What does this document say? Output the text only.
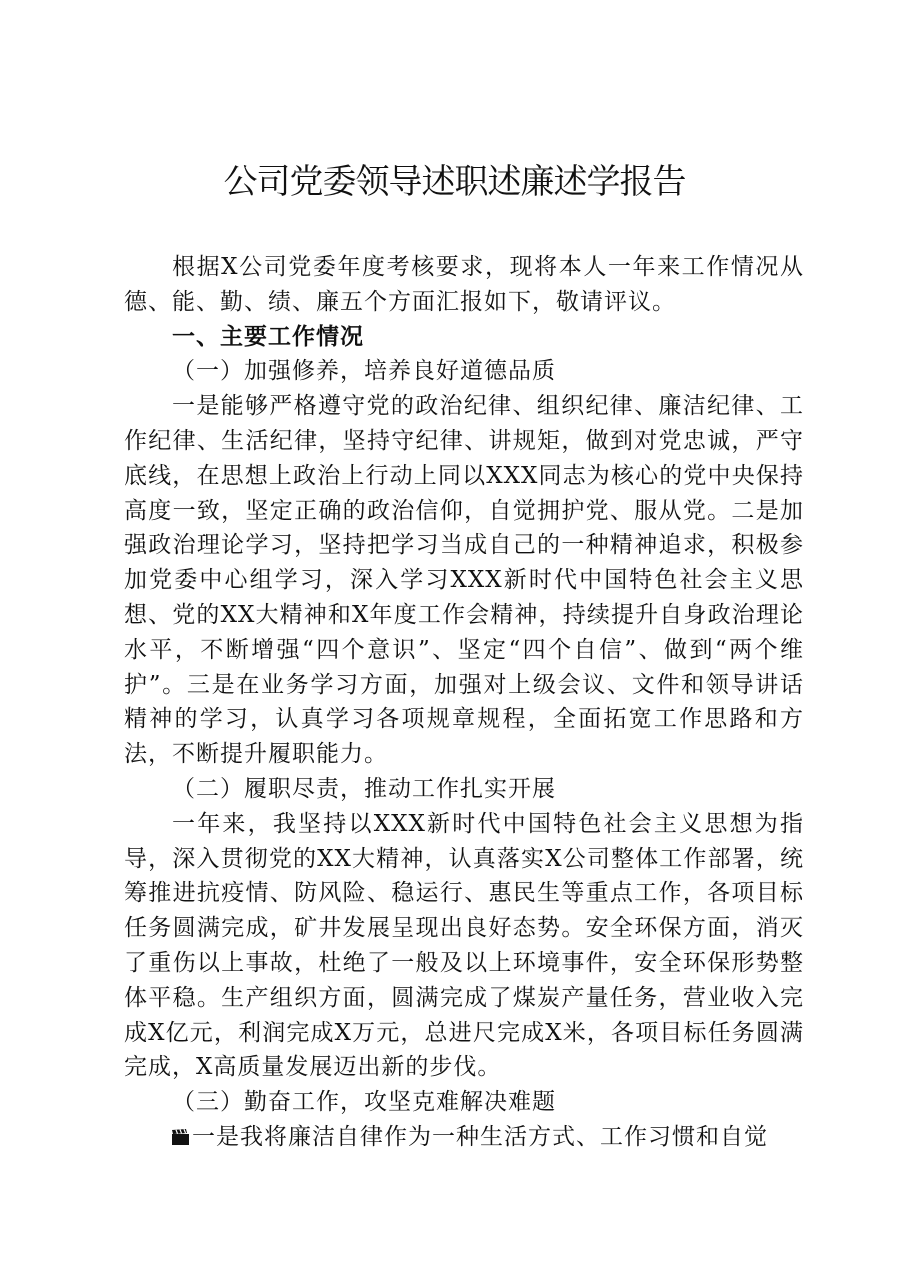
公司党委领导述职述廉述学报告

根据X公司党委年度考核要求，现将本人一年来工作情况从德、能、勤、绩、廉五个方面汇报如下，敬请评议。

一、主要工作情况

（一）加强修养，培养良好道德品质

一是能够严格遵守党的政治纪律、组织纪律、廉洁纪律、工作纪律、生活纪律，坚持守纪律、讲规矩，做到对党忠诚，严守底线，在思想上政治上行动上同以XXX同志为核心的党中央保持高度一致，坚定正确的政治信仰，自觉拥护党、服从党。二是加强政治理论学习，坚持把学习当成自己的一种精神追求，积极参加党委中心组学习，深入学习XXX新时代中国特色社会主义思想、党的XX大精神和X年度工作会精神，持续提升自身政治理论水平，不断增强“四个意识”、坚定“四个自信”、做到“两个维护”。三是在业务学习方面，加强对上级会议、文件和领导讲话精神的学习，认真学习各项规章规程，全面拓宽工作思路和方法，不断提升履职能力。

（二）履职尽责，推动工作扎实开展

一年来，我坚持以XXX新时代中国特色社会主义思想为指导，深入贯彻党的XX大精神，认真落实X公司整体工作部署，统筹推进抗疫情、防风险、稳运行、惠民生等重点工作，各项目标任务圆满完成，矿井发展呈现出良好态势。安全环保方面，消灭了重伤以上事故，杜绝了一般及以上环境事件，安全环保形势整体平稳。生产组织方面，圆满完成了煤炭产量任务，营业收入完成X亿元，利润完成X万元，总进尺完成X米，各项目标任务圆满完成，X高质量发展迈出新的步伐。

（三）勤奋工作，攻坚克难解决难题

一是我将廉洁自律作为一种生活方式、工作习惯和自觉
